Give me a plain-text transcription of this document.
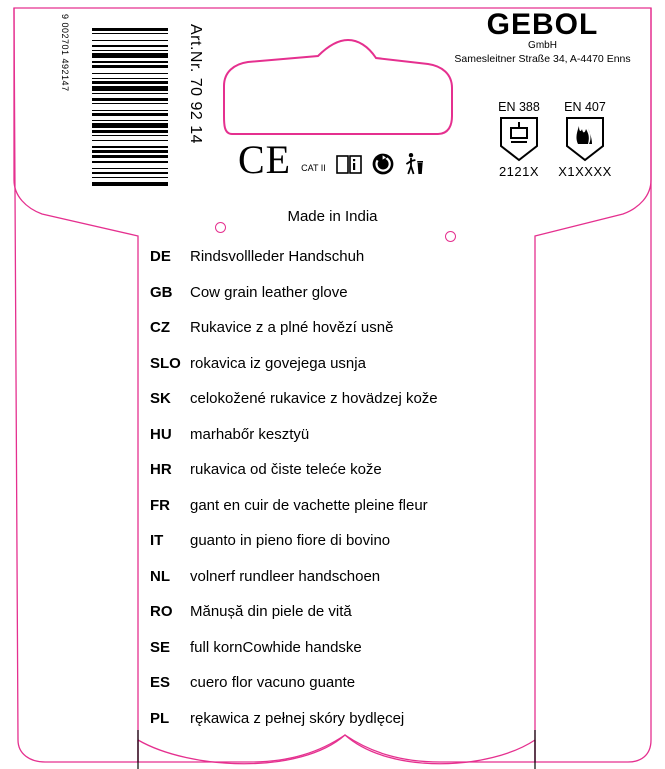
9 002701 492147	Art.Nr. 70 92 14
CE CAT II
GEBOL
GmbH
Samesleitner Straße 34, A-4470 Enns
EN 388
2121X
EN 407
X1XXXX
Made in India
DE	Rindsvollleder Handschuh
GB	Cow grain leather glove
CZ	Rukavice z a plné hovězí usně
SLO rokavica iz govejega usnja
SK	celokožené rukavice z hovädzej kože
HU	marhabőr kesztyü
HR	rukavica od čiste teleće kože
FR	gant en cuir de vachette pleine fleur
IT	guanto in pieno fiore di bovino
NL	volnerf rundleer handschoen
RO	Mănușă din piele de vită
SE	full kornCowhide handske
ES	cuero flor vacuno guante
PL	rękawica z pełnej skóry bydlęcej
